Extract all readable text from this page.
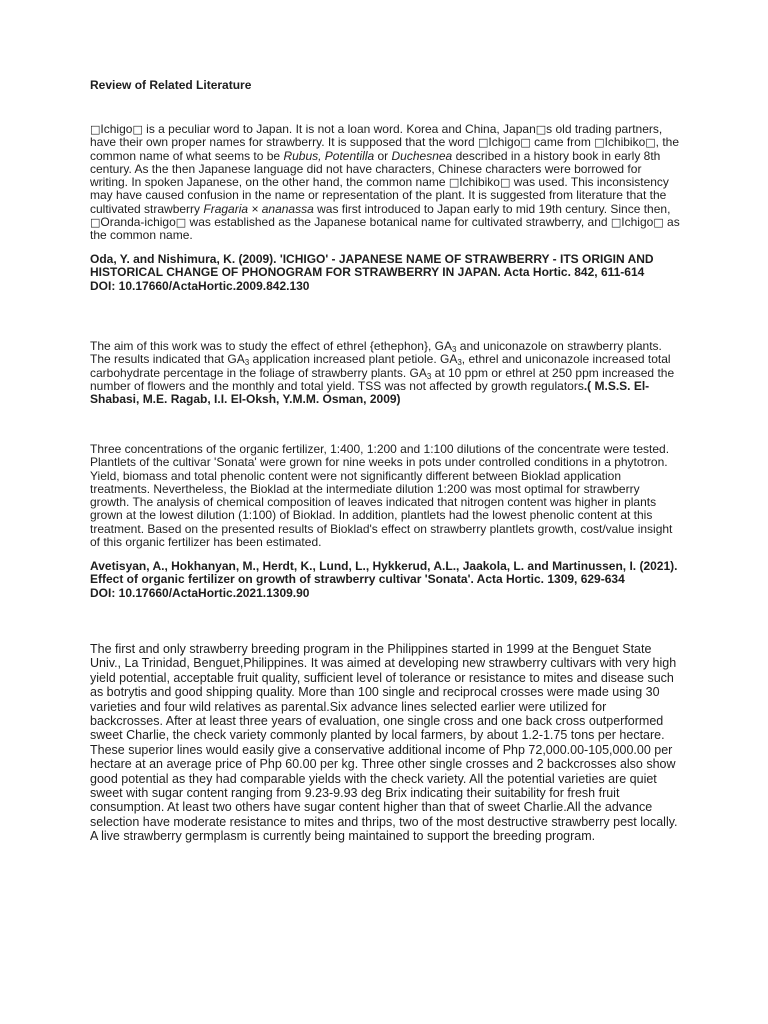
Review of Related Literature

□Ichigo□ is a peculiar word to Japan. It is not a loan word. Korea and China, Japan□s old trading partners, have their own proper names for strawberry. It is supposed that the word □Ichigo□ came from □Ichibiko□, the common name of what seems to be Rubus, Potentilla or Duchesnea described in a history book in early 8th century. As the then Japanese language did not have characters, Chinese characters were borrowed for writing. In spoken Japanese, on the other hand, the common name □Ichibiko□ was used. This inconsistency may have caused confusion in the name or representation of the plant. It is suggested from literature that the cultivated strawberry Fragaria × ananassa was first introduced to Japan early to mid 19th century. Since then, □Oranda-ichigo□ was established as the Japanese botanical name for cultivated strawberry, and □Ichigo□ as the common name.

Oda, Y. and Nishimura, K. (2009). 'ICHIGO' - JAPANESE NAME OF STRAWBERRY - ITS ORIGIN AND HISTORICAL CHANGE OF PHONOGRAM FOR STRAWBERRY IN JAPAN. Acta Hortic. 842, 611-614
DOI: 10.17660/ActaHortic.2009.842.130

The aim of this work was to study the effect of ethrel {ethephon}, $GA_3$ and uniconazole on strawberry plants. The results indicated that $GA_3$ application increased plant petiole. $GA_3$, ethrel and uniconazole increased total carbohydrate percentage in the foliage of strawberry plants. $GA_3$ at 10 ppm or ethrel at 250 ppm increased the number of flowers and the monthly and total yield. TSS was not affected by growth regulators.( M.S.S. El-Shabasi, M.E. Ragab, I.I. El-Oksh, Y.M.M. Osman, 2009)

Three concentrations of the organic fertilizer, 1:400, 1:200 and 1:100 dilutions of the concentrate were tested. Plantlets of the cultivar 'Sonata' were grown for nine weeks in pots under controlled conditions in a phytotron. Yield, biomass and total phenolic content were not significantly different between Bioklad application treatments. Nevertheless, the Bioklad at the intermediate dilution 1:200 was most optimal for strawberry growth. The analysis of chemical composition of leaves indicated that nitrogen content was higher in plants grown at the lowest dilution (1:100) of Bioklad. In addition, plantlets had the lowest phenolic content at this treatment. Based on the presented results of Bioklad's effect on strawberry plantlets growth, cost/value insight of this organic fertilizer has been estimated.

Avetisyan, A., Hokhanyan, M., Herdt, K., Lund, L., Hykkerud, A.L., Jaakola, L. and Martinussen, I. (2021). Effect of organic fertilizer on growth of strawberry cultivar 'Sonata'. Acta Hortic. 1309, 629-634
DOI: 10.17660/ActaHortic.2021.1309.90

The first and only strawberry breeding program in the Philippines started in 1999 at the Benguet State Univ., La Trinidad, Benguet,Philippines. It was aimed at developing new strawberry cultivars with very high yield potential, acceptable fruit quality, sufficient level of tolerance or resistance to mites and disease such as botrytis and good shipping quality. More than 100 single and reciprocal crosses were made using 30 varieties and four wild relatives as parental.Six advance lines selected earlier were utilized for backcrosses. After at least three years of evaluation, one single cross and one back cross outperformed sweet Charlie, the check variety commonly planted by local farmers, by about 1.2-1.75 tons per hectare. These superior lines would easily give a conservative additional income of Php 72,000.00-105,000.00 per hectare at an average price of Php 60.00 per kg. Three other single crosses and 2 backcrosses also show good potential as they had comparable yields with the check variety. All the potential varieties are quiet sweet with sugar content ranging from 9.23-9.93 deg Brix indicating their suitability for fresh fruit consumption. At least two others have sugar content higher than that of sweet Charlie.All the advance selection have moderate resistance to mites and thrips, two of the most destructive strawberry pest locally. A live strawberry germplasm is currently being maintained to support the breeding program.
